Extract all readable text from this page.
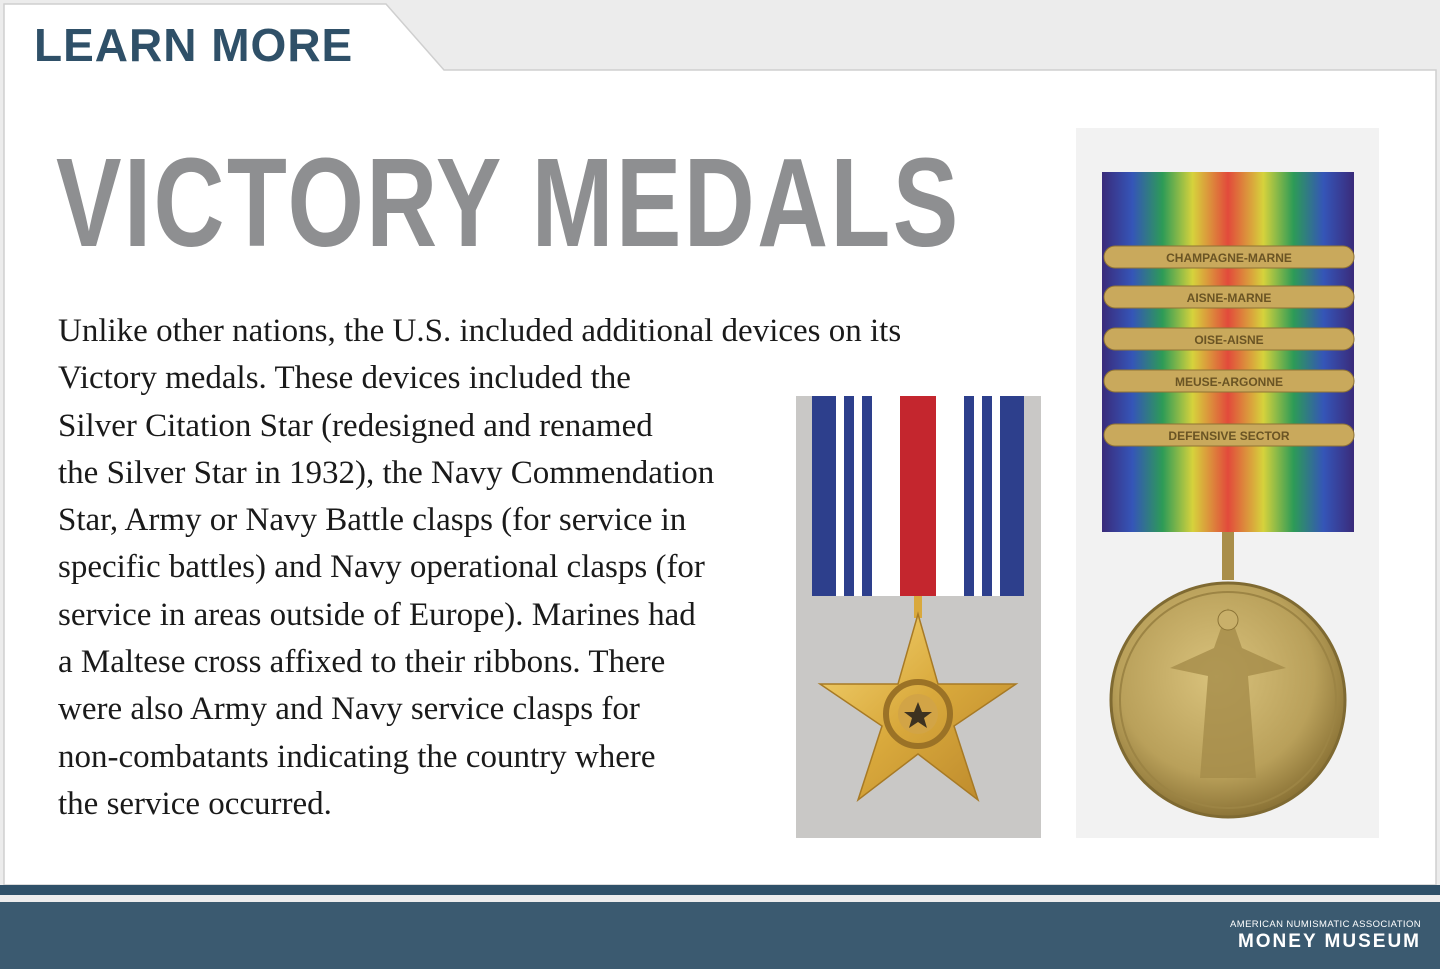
LEARN MORE
VICTORY MEDALS
Unlike other nations, the U.S. included additional devices on its
Victory medals. These devices included the
Silver Citation Star (redesigned and renamed
the Silver Star in 1932), the Navy Commendation
Star, Army or Navy Battle clasps (for service in
specific battles) and Navy operational clasps (for
service in areas outside of Europe). Marines had
a Maltese cross affixed to their ribbons. There
were also Army and Navy service clasps for
non-combatants indicating the country where
the service occurred.
CHAMPAGNE-MARNE
AISNE-MARNE
OISE-AISNE
MEUSE-ARGONNE
DEFENSIVE SECTOR
AMERICAN NUMISMATIC ASSOCIATION
MONEY MUSEUM
